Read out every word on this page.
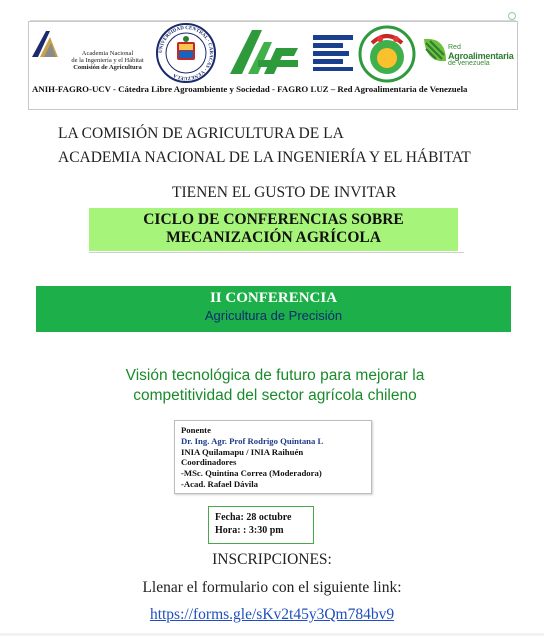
Academia Nacional
de la Ingeniería y el Hábitat
Comisión de Agricultura
UNIVERSIDAD CENTRAL · CARACAS · VENEZUELA
Red
Agroalimentaria
de venezuela
ANIH-FAGRO-UCV - Cátedra Libre Agroambiente y Sociedad - FAGRO LUZ – Red Agroalimentaria de Venezuela
LA COMISIÓN DE AGRICULTURA DE LA
ACADEMIA NACIONAL DE LA INGENIERÍA Y EL HÁBITAT
TIENEN EL GUSTO DE INVITAR
CICLO DE CONFERENCIAS SOBRE
MECANIZACIÓN AGRÍCOLA
II CONFERENCIA
Agricultura de Precisión
Visión tecnológica de futuro para mejorar la
competitividad del sector agrícola chileno
Ponente
Dr. Ing. Agr. Prof Rodrigo Quintana L
INIA Quilamapu / INIA Raihuén
Coordinadores
-MSc. Quintina Correa (Moderadora)
-Acad. Rafael Dávila
Fecha: 28 octubre
Hora: : 3:30 pm
INSCRIPCIONES:
Llenar el formulario con el siguiente link:
https://forms.gle/sKv2t45y3Qm784bv9
